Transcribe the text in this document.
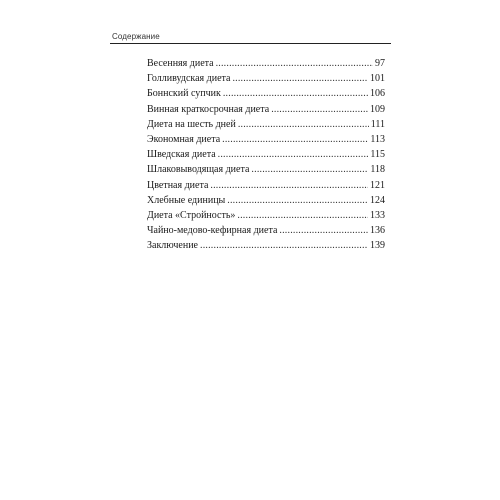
Содержание
Весенняя диета .....	97
Голливудская диета .....	101
Боннский супчик .....	106
Винная краткосрочная диета .....	109
Диета на шесть дней .....	111
Экономная диета .....	113
Шведская диета .....	115
Шлаковыводящая диета .....	118
Цветная диета .....	121
Хлебные единицы .....	124
Диета «Стройность» .....	133
Чайно-медово-кефирная диета .....	136
Заключение .....	139
